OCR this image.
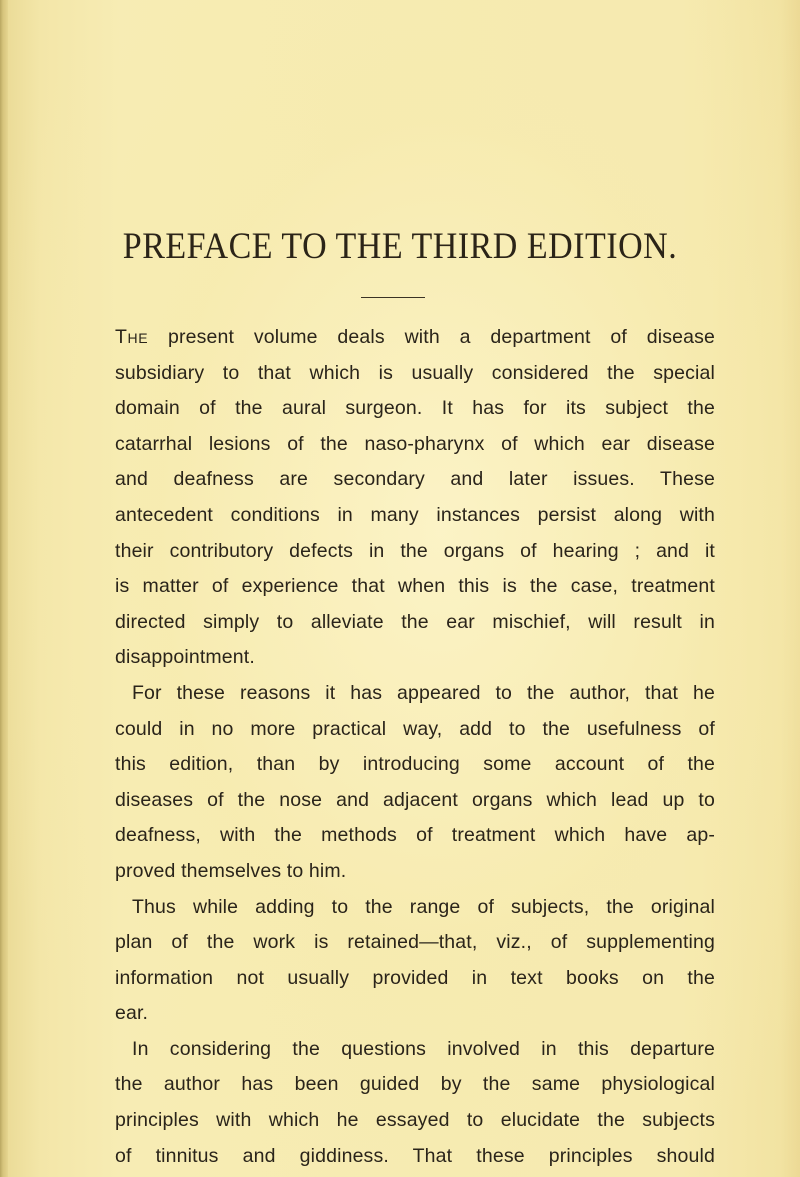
PREFACE TO THE THIRD EDITION.
The present volume deals with a department of disease
subsidiary to that which is usually considered the special
domain of the aural surgeon. It has for its subject the
catarrhal lesions of the naso-pharynx of which ear disease
and deafness are secondary and later issues. These
antecedent conditions in many instances persist along with
their contributory defects in the organs of hearing ; and it
is matter of experience that when this is the case, treatment
directed simply to alleviate the ear mischief, will result in
disappointment.
For these reasons it has appeared to the author, that he
could in no more practical way, add to the usefulness of
this edition, than by introducing some account of the
diseases of the nose and adjacent organs which lead up to
deafness, with the methods of treatment which have ap-
proved themselves to him.
Thus while adding to the range of subjects, the original
plan of the work is retained—that, viz., of supplementing
information not usually provided in text books on the
ear.
In considering the questions involved in this departure
the author has been guided by the same physiological
principles with which he essayed to elucidate the subjects
of tinnitus and giddiness. That these principles should
